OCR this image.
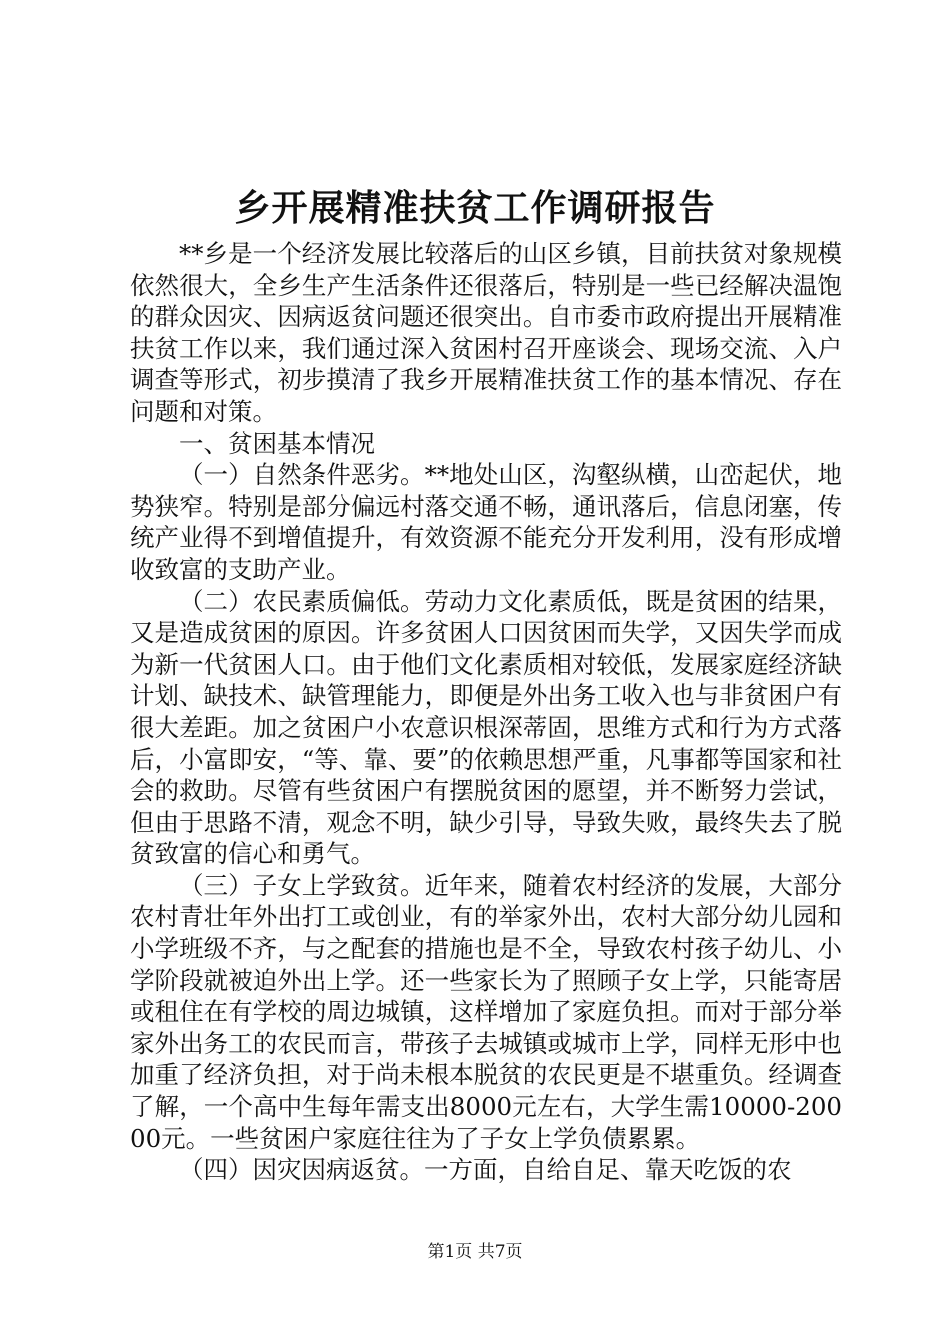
乡开展精准扶贫工作调研报告

**乡是一个经济发展比较落后的山区乡镇，目前扶贫对象规模依然很大，全乡生产生活条件还很落后，特别是一些已经解决温饱的群众因灾、因病返贫问题还很突出。自市委市政府提出开展精准扶贫工作以来，我们通过深入贫困村召开座谈会、现场交流、入户调查等形式，初步摸清了我乡开展精准扶贫工作的基本情况、存在问题和对策。

一、贫困基本情况

（一）自然条件恶劣。**地处山区，沟壑纵横，山峦起伏，地势狭窄。特别是部分偏远村落交通不畅，通讯落后，信息闭塞，传统产业得不到增值提升，有效资源不能充分开发利用，没有形成增收致富的支助产业。

（二）农民素质偏低。劳动力文化素质低，既是贫困的结果，又是造成贫困的原因。许多贫困人口因贫困而失学，又因失学而成为新一代贫困人口。由于他们文化素质相对较低，发展家庭经济缺计划、缺技术、缺管理能力，即便是外出务工收入也与非贫困户有很大差距。加之贫困户小农意识根深蒂固，思维方式和行为方式落后，小富即安，“等、靠、要”的依赖思想严重，凡事都等国家和社会的救助。尽管有些贫困户有摆脱贫困的愿望，并不断努力尝试，但由于思路不清，观念不明，缺少引导，导致失败，最终失去了脱贫致富的信心和勇气。

（三）子女上学致贫。近年来，随着农村经济的发展，大部分农村青壮年外出打工或创业，有的举家外出，农村大部分幼儿园和小学班级不齐，与之配套的措施也是不全，导致农村孩子幼儿、小学阶段就被迫外出上学。还一些家长为了照顾子女上学，只能寄居或租住在有学校的周边城镇，这样增加了家庭负担。而对于部分举家外出务工的农民而言，带孩子去城镇或城市上学，同样无形中也加重了经济负担，对于尚未根本脱贫的农民更是不堪重负。经调查了解，一个高中生每年需支出8000元左右，大学生需10000-20000元。一些贫困户家庭往往为了子女上学负债累累。

（四）因灾因病返贫。一方面，自给自足、靠天吃饭的农

第1页 共7页
